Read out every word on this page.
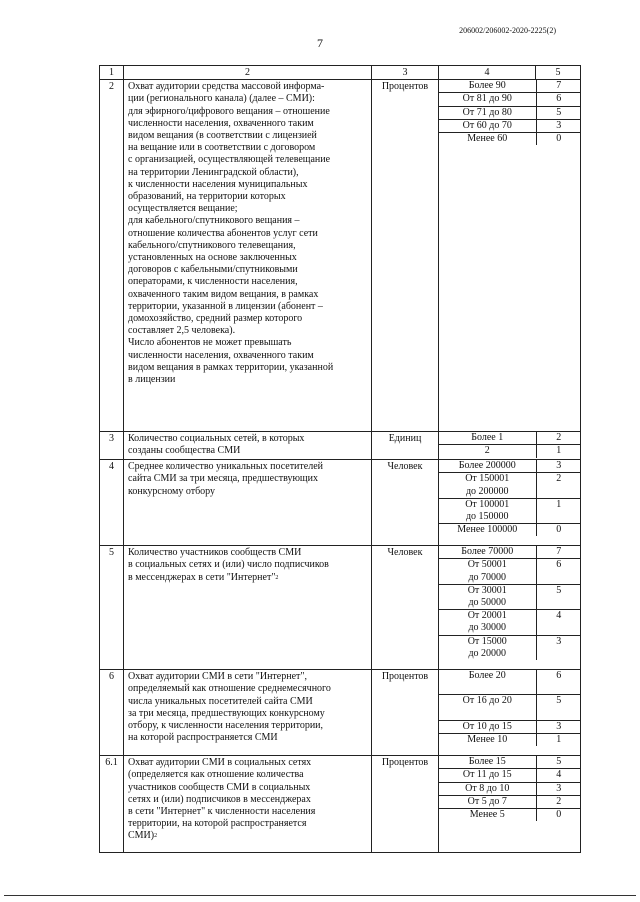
206002/206002-2020-2225(2)
7
1	2	3	4	5
2	Охват аудитории средства массовой информа-
ции (регионального канала) (далее – СМИ):
для эфирного/цифрового вещания – отношение
численности населения, охваченного таким
видом вещания (в соответствии с лицензией
на вещание или в соответствии с договором
с организацией, осуществляющей телевещание
на территории Ленинградской области),
к численности населения муниципальных
образований, на территории которых
осуществляется вещание;
для кабельного/спутникового вещания –
отношение количества абонентов услуг сети
кабельного/спутникового телевещания,
установленных на основе заключенных
договоров с кабельными/спутниковыми
операторами, к численности населения,
охваченного таким видом вещания, в рамках
территории, указанной в лицензии (абонент –
домохозяйство, средний размер которого
составляет 2,5 человека).
Число абонентов не может превышать
численности населения, охваченного таким
видом вещания в рамках территории, указанной
в лицензии
	Процентов		Более 90	7

От 81 до 90	6

От 71 до 80	5

От 60 до 70	3

Менее 60	0

3	Количество социальных сетей, в которых
созданы сообщества СМИ
	Единиц		Более 1	2

2	1

4	Среднее количество уникальных посетителей
сайта СМИ за три месяца, предшествующих
конкурсному отбору
	Человек		Более 200000	3

От 150001
до 200000
	2

От 100001
до 150000
	1

Менее 100000	0

5	Количество участников сообществ СМИ
в социальных сетях и (или) число подписчиков
в мессенджерах в сети "Интернет"$^2$
	Человек		Более 70000	7

От 50001
до 70000
	6

От 30001
до 50000
	5

От 20001
до 30000
	4

От 15000
до 20000
	3

6	Охват аудитории СМИ в сети "Интернет",
определяемый как отношение среднемесячного
числа уникальных посетителей сайта СМИ
за три месяца, предшествующих конкурсному
отбору, к численности населения территории,
на которой распространяется СМИ
	Процентов		Более 20	6

От 16 до 20	5

От 10 до 15	3

Менее 10	1

6.1	Охват аудитории СМИ в социальных сетях
(определяется как отношение количества
участников сообществ СМИ в социальных
сетях и (или) подписчиков в мессенджерах
в сети "Интернет" к численности населения
территории, на которой распространяется
СМИ)$^2$
	Процентов		Более 15	5

От 11 до 15	4

От 8 до 10	3

От 5 до 7	2

Менее 5	0
